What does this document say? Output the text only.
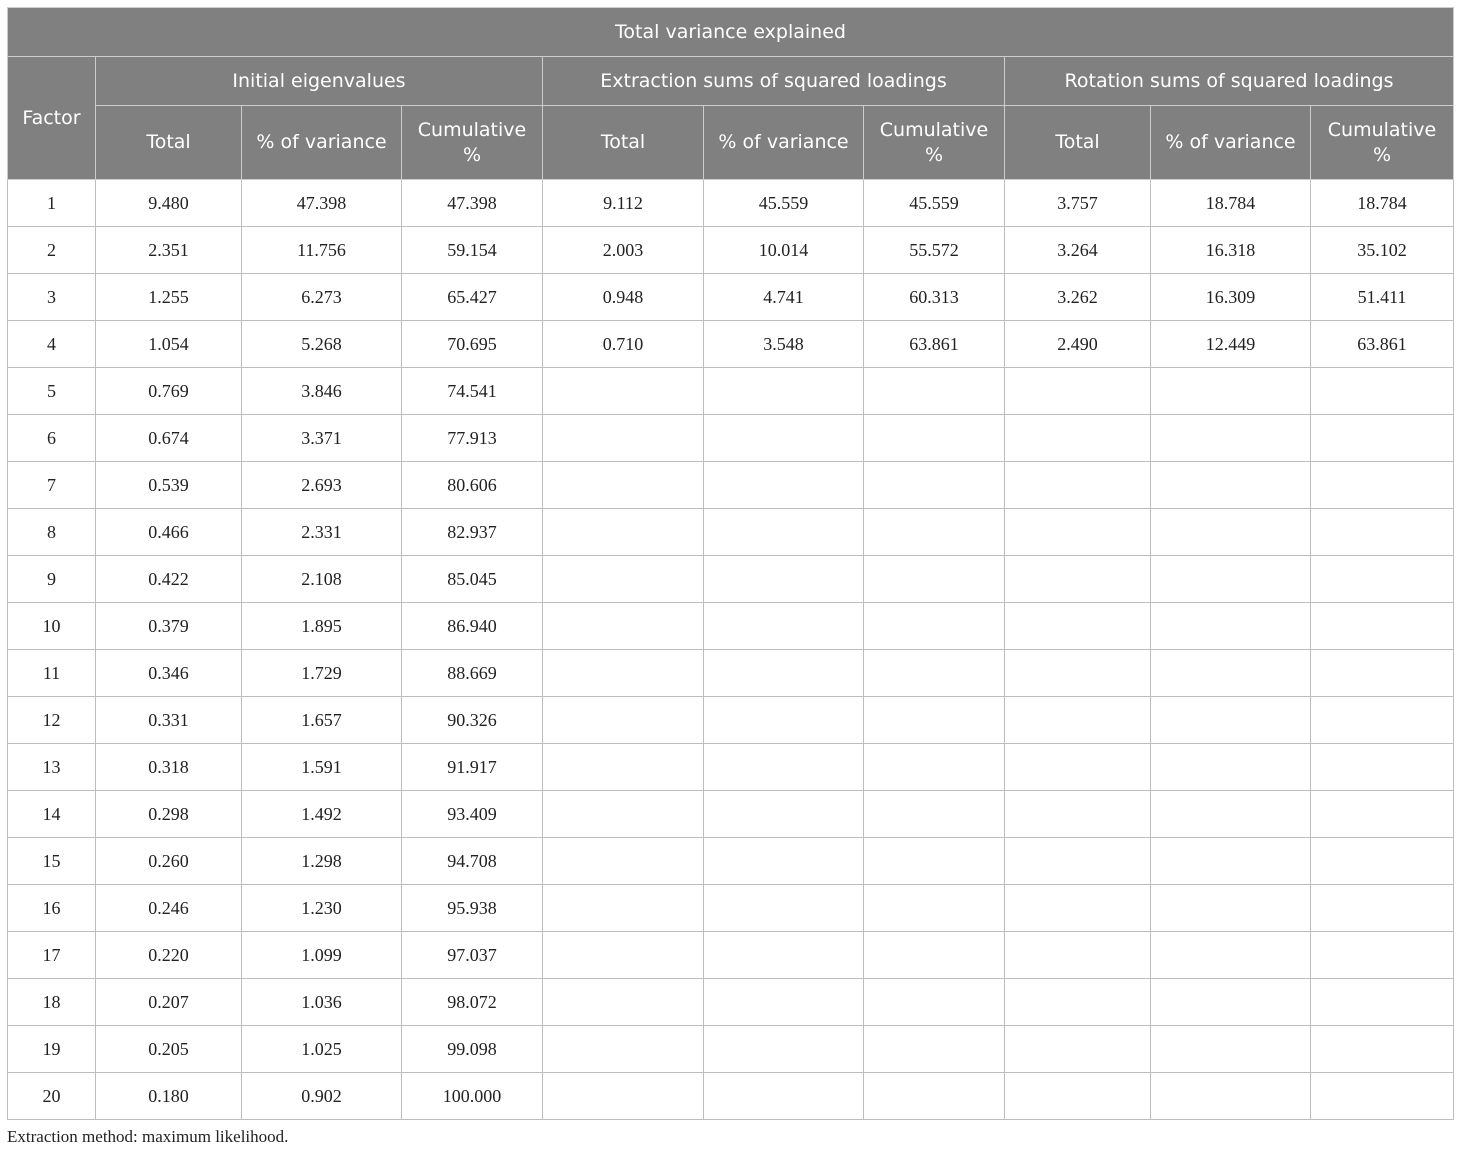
Total variance explained									
Factor	Initial eigenvalues			Extraction sums of squared loadings			Rotation sums of squared loadings		
	Total	% of variance	Cumulative %	Total	% of variance	Cumulative %	Total	% of variance	Cumulative %
1	9.480	47.398	47.398	9.112	45.559	45.559	3.757	18.784	18.784
2	2.351	11.756	59.154	2.003	10.014	55.572	3.264	16.318	35.102
3	1.255	6.273	65.427	0.948	4.741	60.313	3.262	16.309	51.411
4	1.054	5.268	70.695	0.710	3.548	63.861	2.490	12.449	63.861
5	0.769	3.846	74.541						
6	0.674	3.371	77.913						
7	0.539	2.693	80.606						
8	0.466	2.331	82.937						
9	0.422	2.108	85.045						
10	0.379	1.895	86.940						
11	0.346	1.729	88.669						
12	0.331	1.657	90.326						
13	0.318	1.591	91.917						
14	0.298	1.492	93.409						
15	0.260	1.298	94.708						
16	0.246	1.230	95.938						
17	0.220	1.099	97.037						
18	0.207	1.036	98.072						
19	0.205	1.025	99.098						
20	0.180	0.902	100.000						
Extraction method: maximum likelihood.
